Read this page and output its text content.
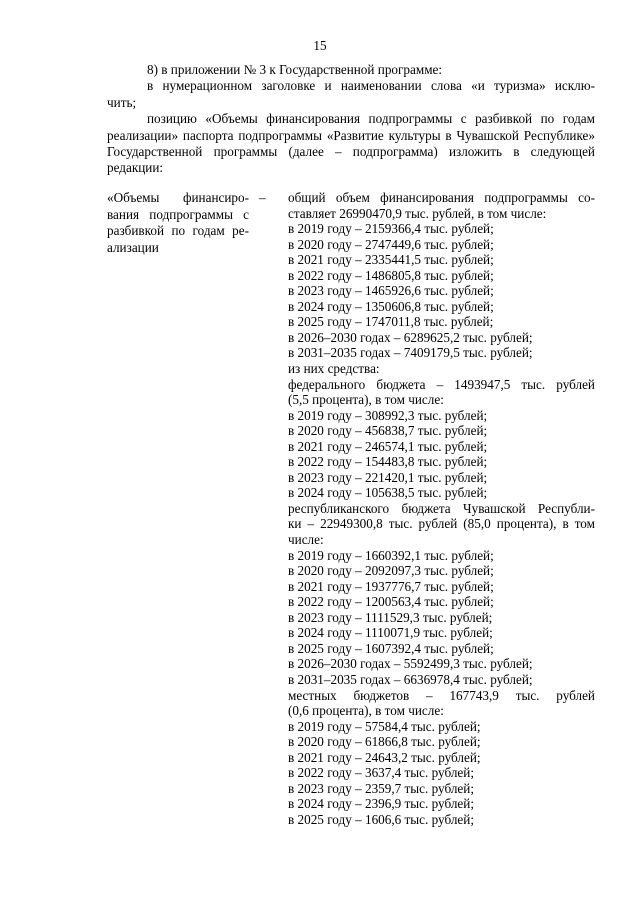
15

8) в приложении № 3 к Государственной программе:

в нумерационном заголовке и наименовании слова «и туризма» исклю-

чить;

позицию «Объемы финансирования подпрограммы с разбивкой по годам реализации» паспорта подпрограммы «Развитие культуры в Чувашской Республике» Государственной программы (далее – подпрограмма) изложить в следующей редакции:

«Объемы финансиро-вания подпрограммы с разбивкой по годам ре-ализации
–	общий объем финансирования подпрограммы со-
ставляет 26990470,9 тыс. рублей, в том числе:
в 2019 году – 2159366,4 тыс. рублей;
в 2020 году – 2747449,6 тыс. рублей;
в 2021 году – 2335441,5 тыс. рублей;
в 2022 году – 1486805,8 тыс. рублей;
в 2023 году – 1465926,6 тыс. рублей;
в 2024 году – 1350606,8 тыс. рублей;
в 2025 году – 1747011,8 тыс. рублей;
в 2026–2030 годах – 6289625,2 тыс. рублей;
в 2031–2035 годах – 7409179,5 тыс. рублей;
из них средства:
федерального бюджета – 1493947,5 тыс. рублей
(5,5 процента), в том числе:
в 2019 году – 308992,3 тыс. рублей;
в 2020 году – 456838,7 тыс. рублей;
в 2021 году – 246574,1 тыс. рублей;
в 2022 году – 154483,8 тыс. рублей;
в 2023 году – 221420,1 тыс. рублей;
в 2024 году – 105638,5 тыс. рублей;
республиканского бюджета Чувашской Республи-
ки – 22949300,8 тыс. рублей (85,0 процента), в том
числе:
в 2019 году – 1660392,1 тыс. рублей;
в 2020 году – 2092097,3 тыс. рублей;
в 2021 году – 1937776,7 тыс. рублей;
в 2022 году – 1200563,4 тыс. рублей;
в 2023 году – 1111529,3 тыс. рублей;
в 2024 году – 1110071,9 тыс. рублей;
в 2025 году – 1607392,4 тыс. рублей;
в 2026–2030 годах – 5592499,3 тыс. рублей;
в 2031–2035 годах – 6636978,4 тыс. рублей;
местных бюджетов – 167743,9 тыс. рублей
(0,6 процента), в том числе:
в 2019 году – 57584,4 тыс. рублей;
в 2020 году – 61866,8 тыс. рублей;
в 2021 году – 24643,2 тыс. рублей;
в 2022 году – 3637,4 тыс. рублей;
в 2023 году – 2359,7 тыс. рублей;
в 2024 году – 2396,9 тыс. рублей;
в 2025 году – 1606,6 тыс. рублей;
